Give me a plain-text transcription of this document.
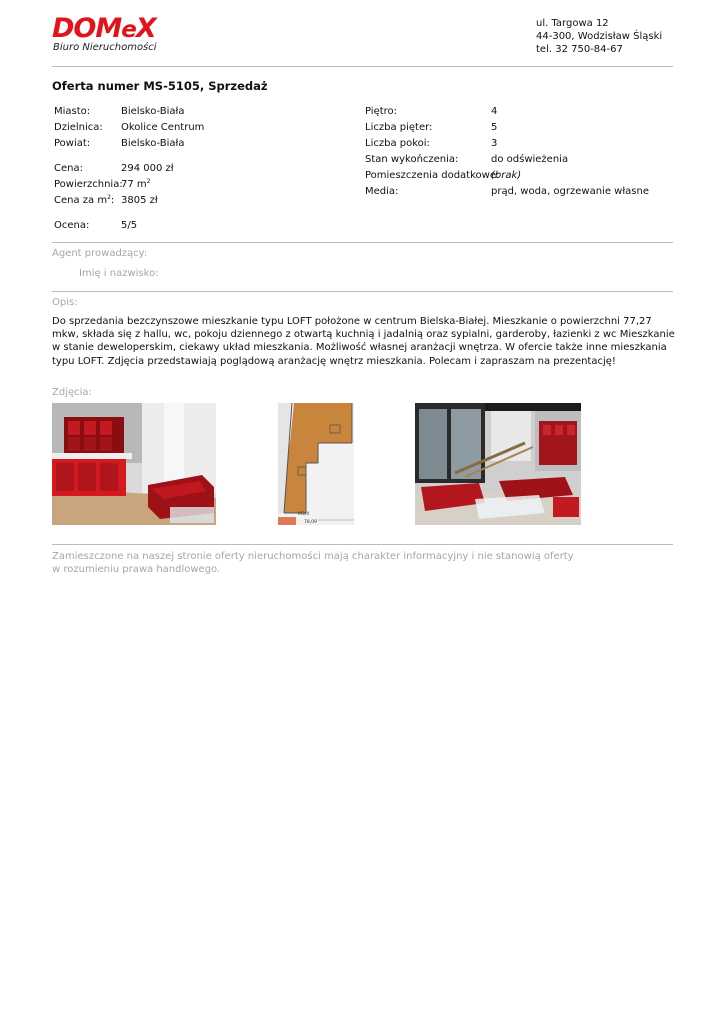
DOMeX
Biuro Nieruchomości
ul. Targowa 12
44-300, Wodzisław Śląski
tel. 32 750-84-67
Oferta numer MS-5105, Sprzedaż
Miasto:	Bielsko-Biała
Dzielnica: Okolice Centrum
Powiat:	Bielsko-Biała
Cena:	294 000 zł
Powierzchnia:
77 $m^2$
Cena za $m^2$: 3805 zł
Ocena:	5/5
Piętro:	4
Liczba pięter:	5
Liczba pokoi:	3
Stan wykończenia:	do odświeżenia
Pomieszczenia dodatkowe:
(brak)
Media:	prąd, woda, ogrzewanie własne
Agent prowadzący:
Imię i nazwisko:
Opis:
Do sprzedania bezczynszowe mieszkanie typu LOFT położone w centrum Bielska-Białej. Mieszkanie o powierzchni 77,27 mkw, składa się z hallu, wc, pokoju dziennego z otwartą kuchnią i jadalnią oraz sypialni, garderoby, łazienki z wc Mieszkanie w stanie deweloperskim, ciekawy układ mieszkania. Możliwość własnej aranżacji wnętrza. W ofercie także inne mieszkania typu LOFT. Zdjęcia przedstawiają poglądową aranżację wnętrz mieszkania. Polecam i zapraszam na prezentację!
Zdjęcia:
M3/4
78,09
Zamieszczone na naszej stronie oferty nieruchomości mają charakter informacyjny i nie stanowią oferty
w rozumieniu prawa handlowego.
